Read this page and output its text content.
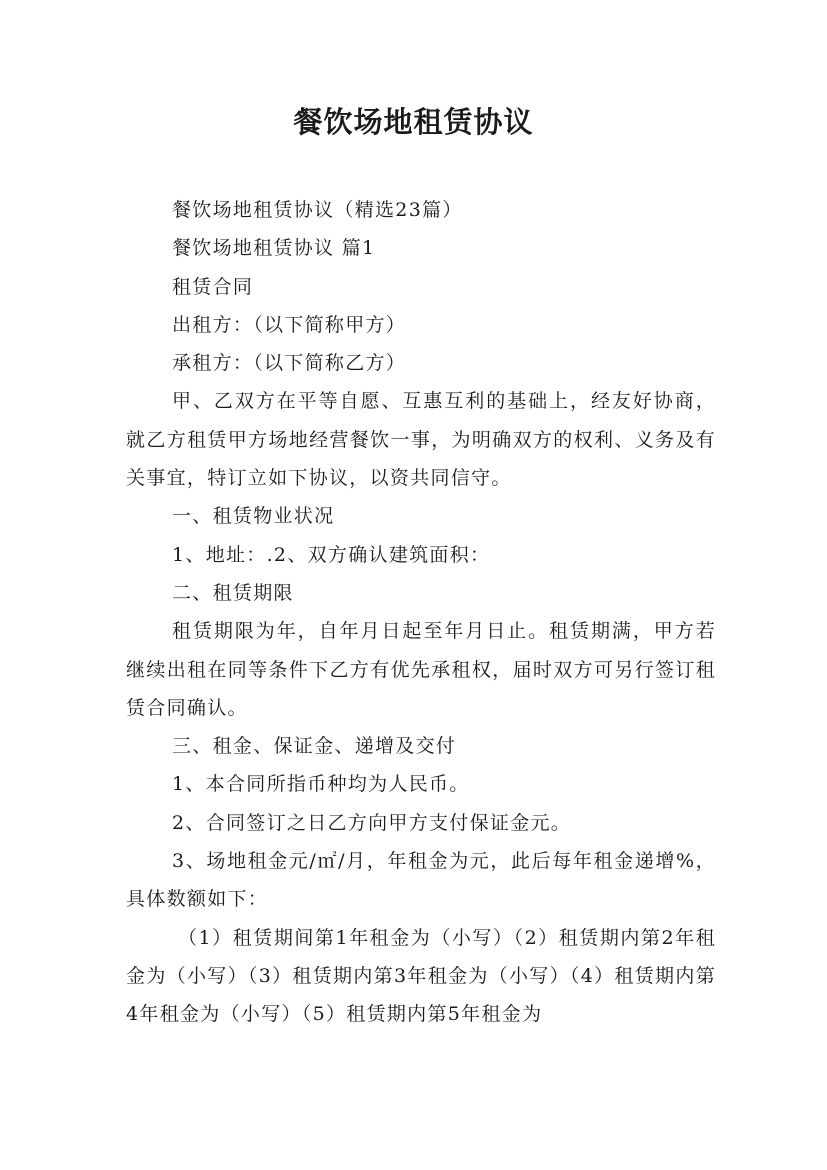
餐饮场地租赁协议

餐饮场地租赁协议（精选23篇）

餐饮场地租赁协议 篇1

租赁合同

出租方：（以下简称甲方）

承租方：（以下简称乙方）

甲、乙双方在平等自愿、互惠互利的基础上，经友好协商，就乙方租赁甲方场地经营餐饮一事，为明确双方的权利、义务及有关事宜，特订立如下协议，以资共同信守。

一、租赁物业状况

1、地址：.2、双方确认建筑面积：

二、租赁期限

租赁期限为年，自年月日起至年月日止。租赁期满，甲方若继续出租在同等条件下乙方有优先承租权，届时双方可另行签订租赁合同确认。

三、租金、保证金、递增及交付

1、本合同所指币种均为人民币。

2、合同签订之日乙方向甲方支付保证金元。

3、场地租金元/㎡/月，年租金为元，此后每年租金递增%，具体数额如下：

（1）租赁期间第1年租金为（小写）（2）租赁期内第2年租金为（小写）（3）租赁期内第3年租金为（小写）（4）租赁期内第4年租金为（小写）（5）租赁期内第5年租金为
